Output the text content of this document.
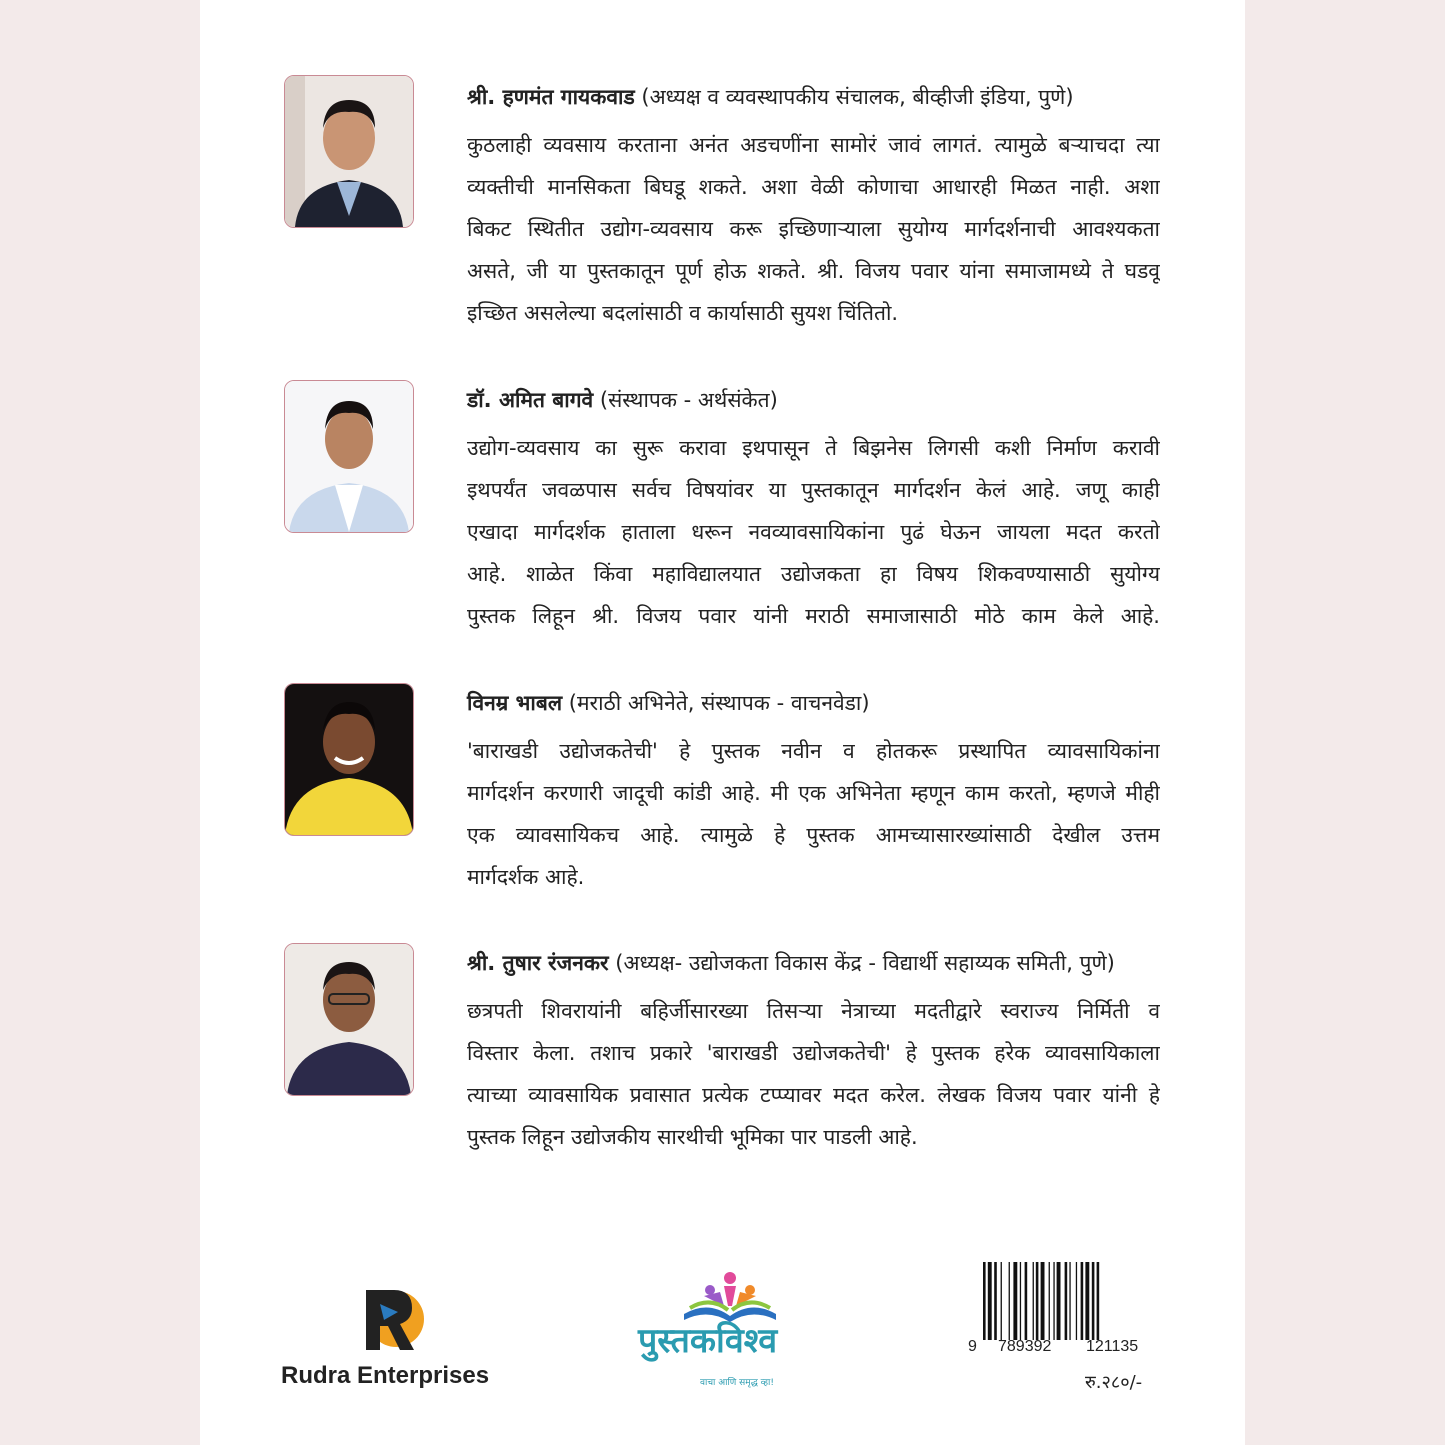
श्री. हणमंत गायकवाड (अध्यक्ष व व्यवस्थापकीय संचालक, बीव्हीजी इंडिया, पुणे)
कुठलाही व्यवसाय करताना अनंत अडचणींना सामोरं जावं लागतं. त्यामुळे बऱ्याचदा त्या
व्यक्तीची मानसिकता बिघडू शकते. अशा वेळी कोणाचा आधारही मिळत नाही. अशा
बिकट स्थितीत उद्योग-व्यवसाय करू इच्छिणाऱ्याला सुयोग्य मार्गदर्शनाची आवश्यकता
असते, जी या पुस्तकातून पूर्ण होऊ शकते. श्री. विजय पवार यांना समाजामध्ये ते घडवू
इच्छित असलेल्या बदलांसाठी व कार्यासाठी सुयश चिंतितो.
डॉ. अमित बागवे (संस्थापक - अर्थसंकेत)
उद्योग-व्यवसाय का सुरू करावा इथपासून ते बिझनेस लिगसी कशी निर्माण करावी
इथपर्यंत जवळपास सर्वच विषयांवर या पुस्तकातून मार्गदर्शन केलं आहे. जणू काही
एखादा मार्गदर्शक हाताला धरून नवव्यावसायिकांना पुढं घेऊन जायला मदत करतो
आहे. शाळेत किंवा महाविद्यालयात उद्योजकता हा विषय शिकवण्यासाठी सुयोग्य
पुस्तक लिहून श्री. विजय पवार यांनी मराठी समाजासाठी मोठे काम केले आहे.
विनम्र भाबल (मराठी अभिनेते, संस्थापक - वाचनवेडा)
'बाराखडी उद्योजकतेची' हे पुस्तक नवीन व होतकरू प्रस्थापित व्यावसायिकांना
मार्गदर्शन करणारी जादूची कांडी आहे. मी एक अभिनेता म्हणून काम करतो, म्हणजे मीही
एक व्यावसायिकच आहे. त्यामुळे हे पुस्तक आमच्यासारख्यांसाठी देखील उत्तम
मार्गदर्शक आहे.
श्री. तुषार रंजनकर (अध्यक्ष- उद्योजकता विकास केंद्र - विद्यार्थी सहाय्यक समिती, पुणे)
छत्रपती शिवरायांनी बहिर्जीसारख्या तिसऱ्या नेत्राच्या मदतीद्वारे स्वराज्य निर्मिती व
विस्तार केला. तशाच प्रकारे 'बाराखडी उद्योजकतेची' हे पुस्तक हरेक व्यावसायिकाला
त्याच्या व्यावसायिक प्रवासात प्रत्येक टप्प्यावर मदत करेल. लेखक विजय पवार यांनी हे
पुस्तक लिहून उद्योजकीय सारथीची भूमिका पार पाडली आहे.
Rudra Enterprises
पुस्तकविश्व
वाचा आणि समृद्ध व्हा!
9 789392 121135
रु.२८०/-
